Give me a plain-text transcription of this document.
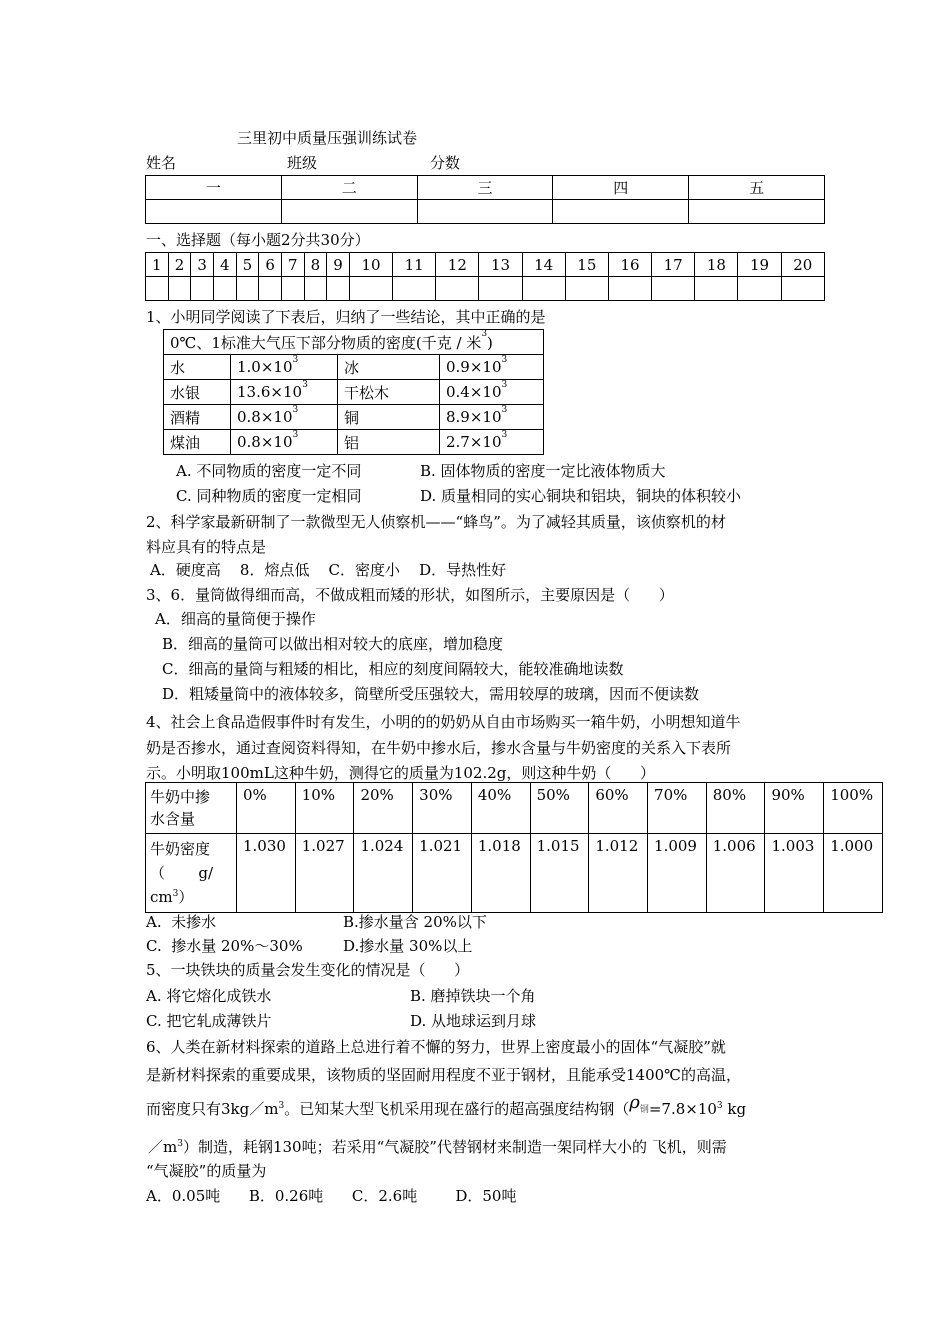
三里初中质量压强训练试卷
姓名	班级	分数
一	二	三	四	五

一、选择题（每小题2分共30分）
1	2	3	4	5	6	7	8	9	10	11	12	13	14	15	16	17	18	19	20

1、小明同学阅读了下表后，归纳了一些结论，其中正确的是
0℃、1标准大气压下部分物质的密度(千克 / 米$^3$)			
水	$1.0\times 10^3$	冰	$0.9\times 10^3$
水银	$13.6\times 10^3$	干松木	$0.4\times 10^3$
酒精	$0.8\times 10^3$	铜	$8.9\times 10^3$
煤油	$0.8\times 10^3$	铝	$2.7\times 10^3$
A. 不同物质的密度一定不同	B. 固体物质的密度一定比液体物质大
C. 同种物质的密度一定相同	D. 质量相同的实心铜块和铝块，铜块的体积较小
2、科学家最新研制了一款微型无人侦察机——“蜂鸟”。为了减轻其质量，该侦察机的材
料应具有的特点是
A．硬度高    8．熔点低    C．密度小    D．导热性好
3、6．量筒做得细而高，不做成粗而矮的形状，如图所示，主要原因是（      ）
A．细高的量筒便于操作
B．细高的量筒可以做出相对较大的底座，增加稳度
C．细高的量筒与粗矮的相比，相应的刻度间隔较大，能较准确地读数
D．粗矮量筒中的液体较多，筒壁所受压强较大，需用较厚的玻璃，因而不便读数
4、社会上食品造假事件时有发生，小明的的奶奶从自由市场购买一箱牛奶，小明想知道牛
奶是否掺水，通过查阅资料得知，在牛奶中掺水后，掺水含量与牛奶密度的关系入下表所
示。小明取100mL这种牛奶，测得它的质量为102.2g，则这种牛奶（      ）
牛奶中掺
水含量	0%	10%	20%	30%	40%	50%	60%	70%	80%	90%	100%
牛奶密度
（       g/
$cm^3$）	1.030	1.027	1.024	1.021	1.018	1.015	1.012	1.009	1.006	1.003	1.000
A.  未掺水	B.掺水量含 20%以下
C.  掺水量 20%～30%	D.掺水量 30%以上
5、一块铁块的质量会发生变化的情况是（      ）
A. 将它熔化成铁水	B. 磨掉铁块一个角
C. 把它轧成薄铁片	D. 从地球运到月球
6、人类在新材料探索的道路上总进行着不懈的努力，世界上密度最小的固体“气凝胶”就
是新材料探索的重要成果，该物质的坚固耐用程度不亚于钢材，且能承受1400℃的高温，
而密度只有$3kg/m^3$。已知某大型飞机采用现在盛行的超高强度结构钢（ρ钢$=7.8\times 10^3$ kg
$/m^3$）制造，耗钢130吨；若采用“气凝胶”代替钢材来制造一架同样大小的 飞机，则需
“气凝胶”的质量为
A．0.05吨      B．0.26吨      C．2.6吨        D．50吨
